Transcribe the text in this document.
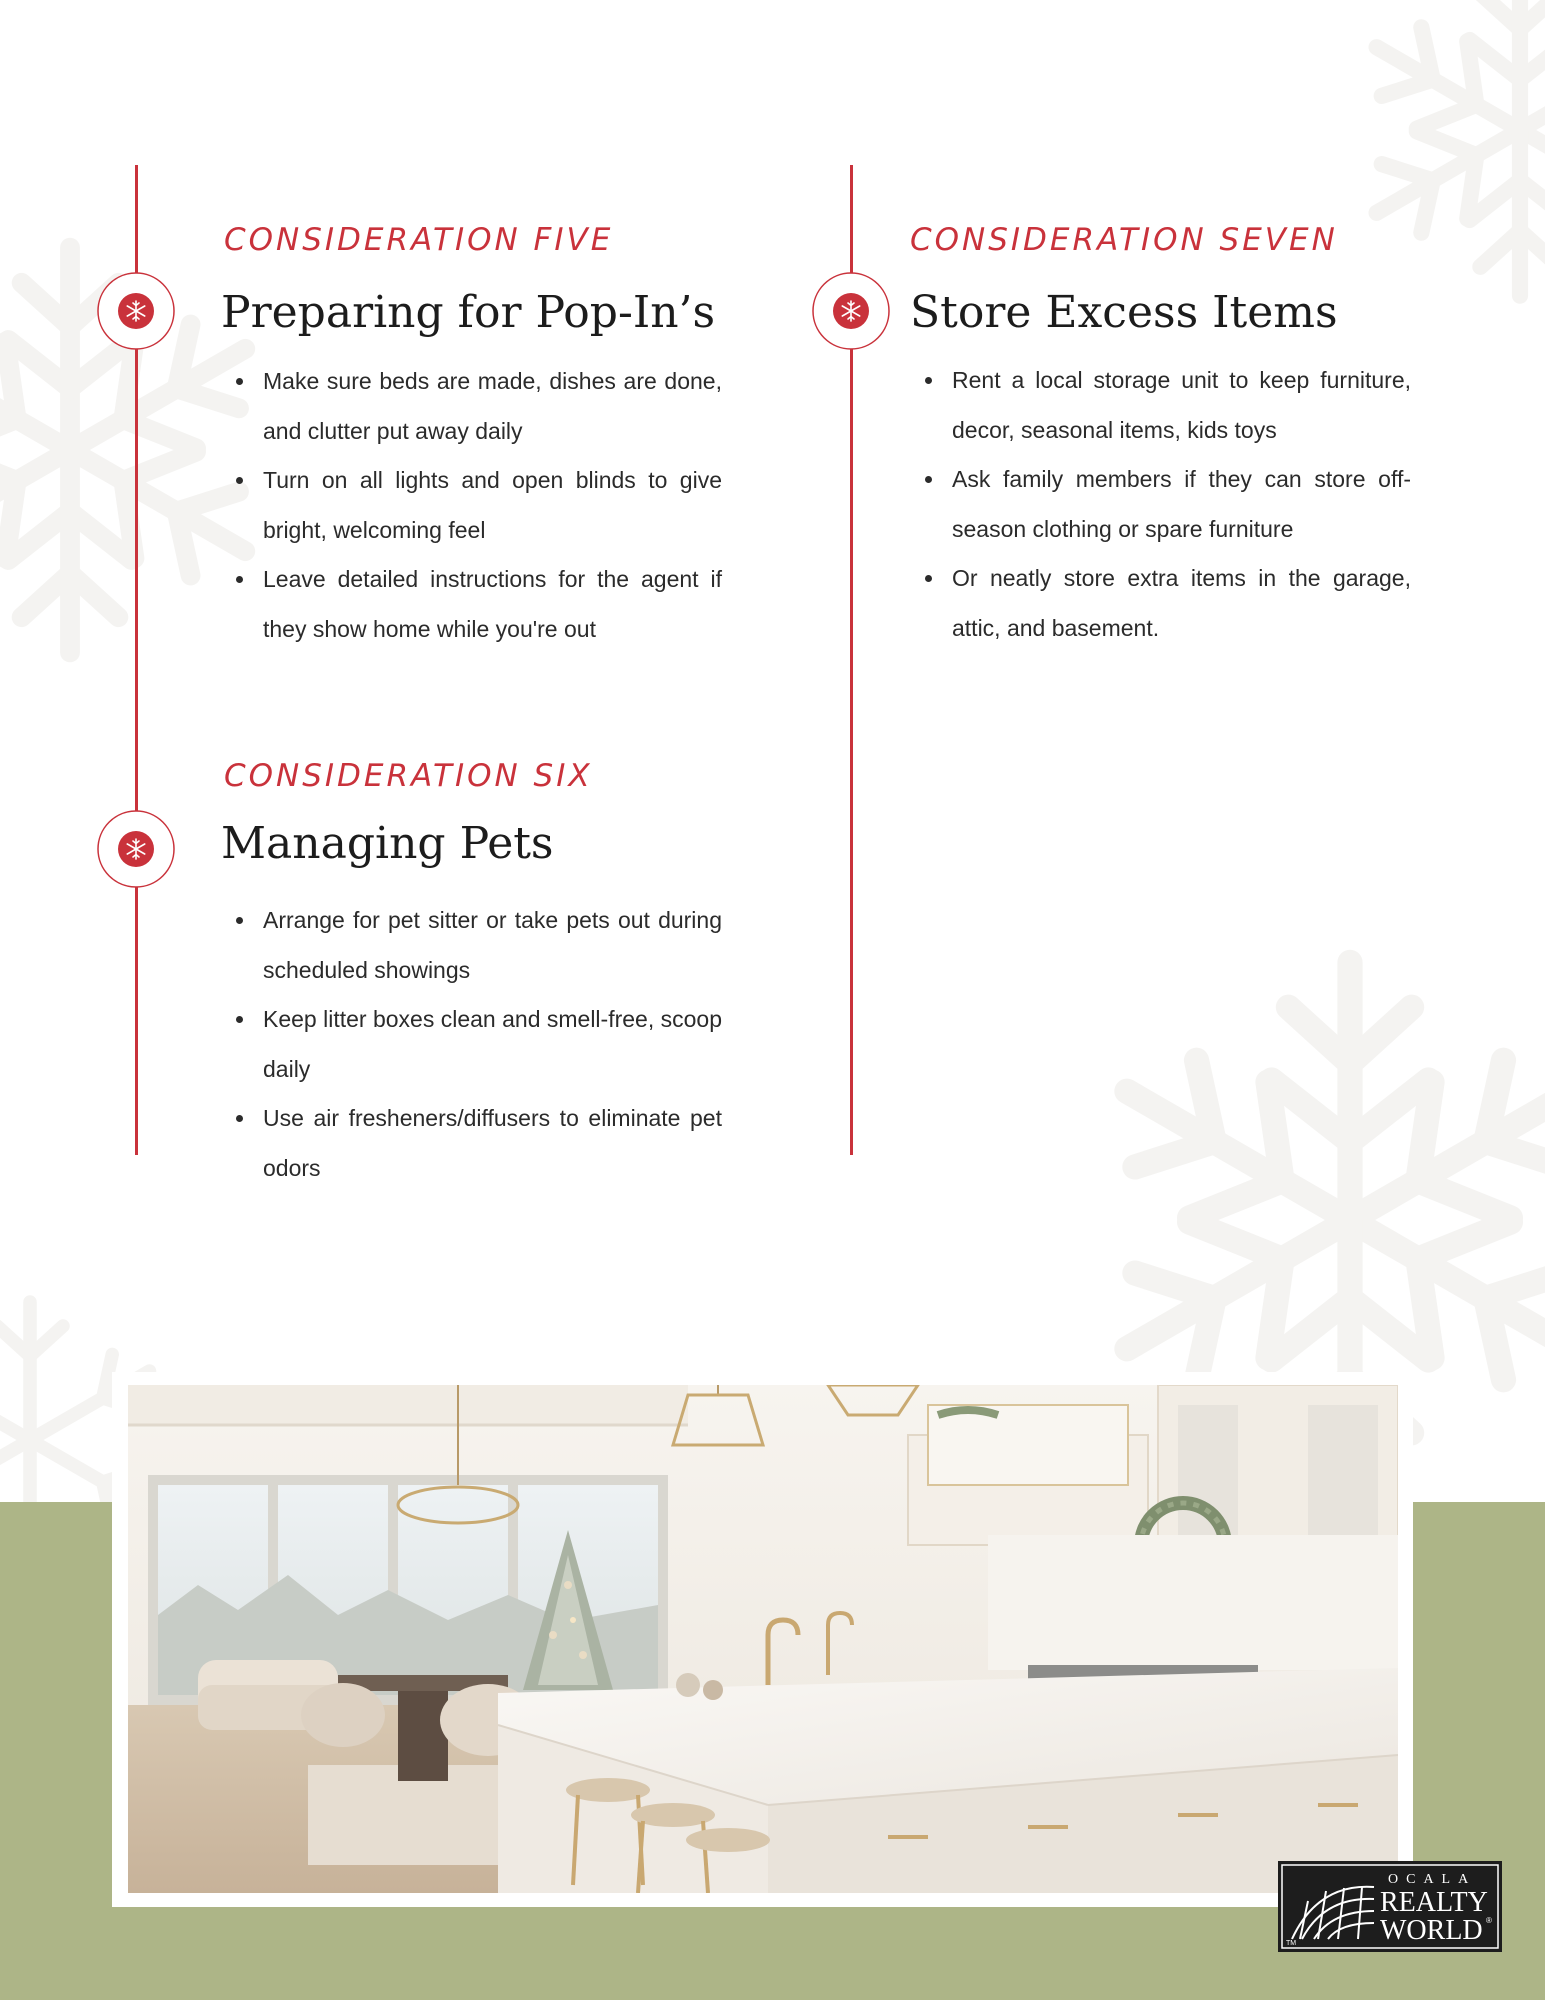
CONSIDERATION FIVE

Preparing for Pop-In’s
Make sure beds are made, dishes are done, and clutter put away daily
Turn on all lights and open blinds to give bright, welcoming feel
Leave detailed instructions for the agent if they show home while you're out

CONSIDERATION SIX

Managing Pets
Arrange for pet sitter or take pets out during scheduled showings
Keep litter boxes clean and smell-free, scoop daily
Use air fresheners/diffusers to eliminate pet odors

CONSIDERATION SEVEN

Store Excess Items
Rent a local storage unit to keep furniture, decor, seasonal items, kids toys
Ask family members if they can store off-season clothing or spare furniture
Or neatly store extra items in the garage, attic, and basement.
OCALA
REALTY
WORLD
TM
®
